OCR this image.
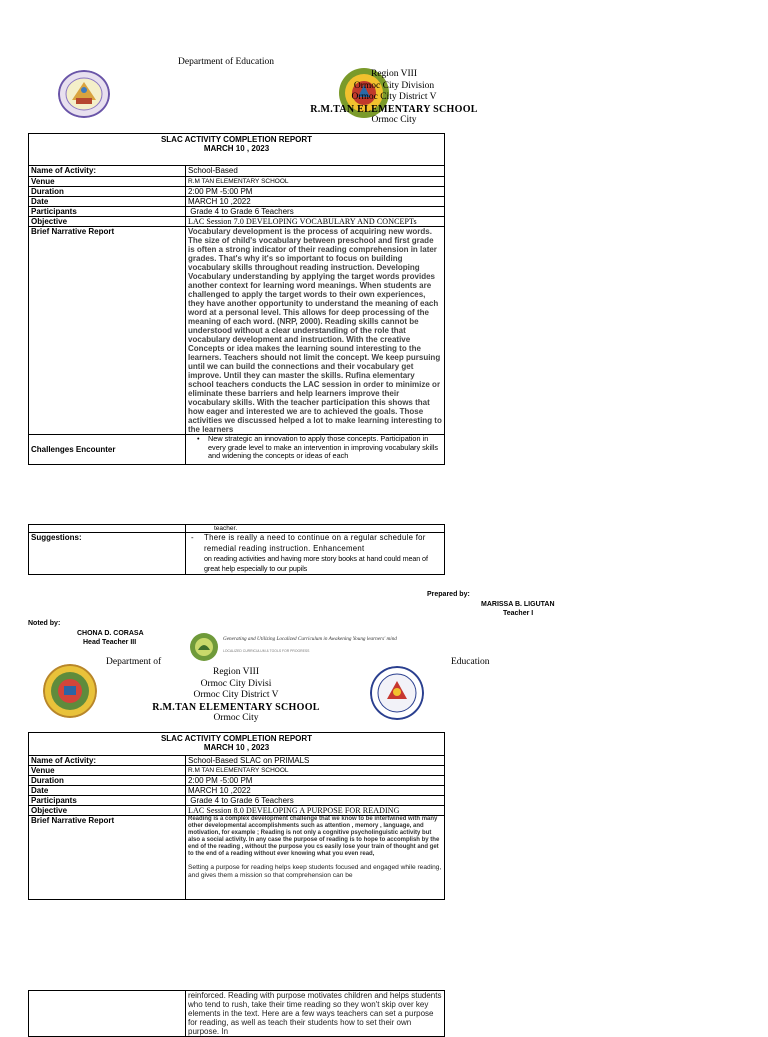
Department of Education
Region VIII
Ormoc City Division
Ormoc City District V
R.M.TAN ELEMENTARY SCHOOL
Ormoc City
SLAC ACTIVITY COMPLETION REPORT
MARCH 10 , 2023	

Name of Activity:	School-Based
Venue	R.M TAN ELEMENTARY SCHOOL
Duration	2:00 PM -5:00 PM
Date	MARCH 10 ,2022
Participants	Grade 4 to Grade 6 Teachers
Objective	LAC Session 7.0 DEVELOPING VOCABULARY AND CONCEPTs
Brief Narrative Report	Vocabulary development is the process of acquiring new words. The size of child's vocabulary between preschool and first grade is often a strong indicator of their reading comprehension in later grades. That's why it's so important to focus on building vocabulary skills throughout reading instruction. Developing Vocabulary understanding by applying the target words provides another context for learning word meanings. When students are challenged to apply the target words to their own experiences, they have another opportunity to understand the meaning of each word at a personal level. This allows for deep processing of the meaning of each word. (NRP, 2000). Reading skills cannot be understood without a clear understanding of the role that vocabulary development and instruction. With the creative Concepts or idea makes the learning sound interesting to the learners. Teachers should not limit the concept. We keep pursuing until we can build the connections and their vocabulary get improve. Until they can master the skills. Rufina elementary school teachers conducts the LAC session in order to minimize or eliminate these barriers and help learners improve their vocabulary skills. With the teacher participation this shows that how eager and interested we are to achieved the goals. Those activities we discussed helped a lot to make learning interesting to the learners
Challenges Encounter	• New strategic an innovation to apply those concepts. Participation in every grade level to make an intervention in improving vocabulary skills and widening the concepts or ideas of each
	teacher.
Suggestions:	- There is really a need to continue on a regular schedule for remedial reading instruction. Enhancement
on reading activities and having more story books at hand could mean of great help especially to our pupils
Prepared by:
MARISSA B. LIGUTAN
Teacher I
Noted by:
CHONA D. CORASA
Head Teacher III	Generating and Utilizing Localized Curriculum in Awakening Young learners' mind
LOCALIZED CURRICULUM & TOOLS FOR PROGRESS
Department of	Education
Region VIII
Ormoc City Divisi
Ormoc City District V
R.M.TAN ELEMENTARY SCHOOL
Ormoc City
SLAC ACTIVITY COMPLETION REPORT
MARCH 10 , 2023	

Name of Activity:	School-Based SLAC on PRIMALS
Venue	R.M TAN ELEMENTARY SCHOOL
Duration	2:00 PM -5:00 PM
Date	MARCH 10 ,2022
Participants	Grade 4 to Grade 6 Teachers
Objective	LAC Session 8.0 DEVELOPING A PURPOSE FOR READING
Brief Narrative Report	Reading is a complex development challenge that we know to be intertwined with many other developmental accomplishments such as attention , memory , language, and motivation, for example ; Reading is not only a cognitive psycholinguistic activity but also a social activity. In any case the purpose of reading is to hope to accomplish by the end of the reading , without the purpose you cs easily lose your train of thought and get to the end of a reading without ever knowing what you even read,
Setting a purpose for reading helps keep students focused and engaged while reading, and gives them a mission so that comprehension can be
	reinforced. Reading with purpose motivates children and helps students who tend to rush, take their time reading so they won't skip over key elements in the text. Here are a few ways teachers can set a purpose for reading, as well as teach their students how to set their own purpose. In
